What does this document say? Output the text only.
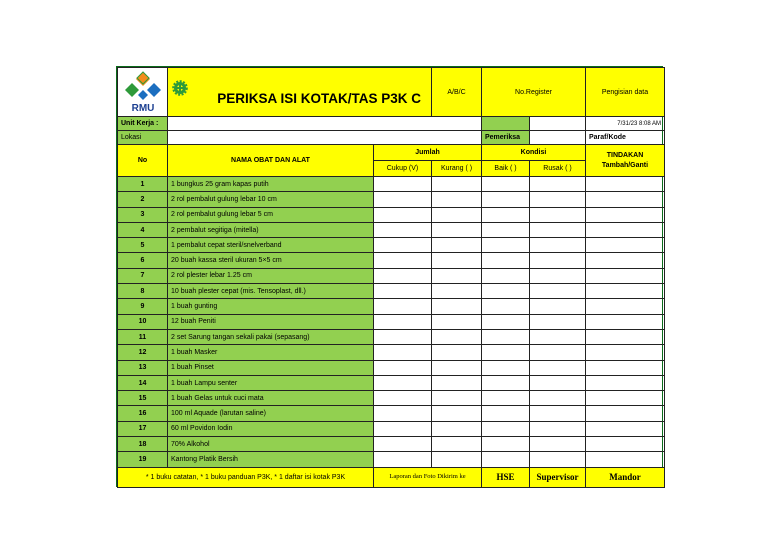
RMU	PERIKSA ISI KOTAK/TAS P3K C		A/B/C	No.Register		Pengisian data
Unit Kerja :						7/31/23 8:08 AM
Lokasi				Pemeriksa		Paraf/Kode
No	NAMA OBAT DAN ALAT	Jumlah		Kondisi		TINDAKAN
Tambah/Ganti
		Cukup (V)	Kurang ( )	Baik ( )	Rusak ( )	
1	1 bungkus 25 gram kapas putih					
2	2 rol pembalut gulung lebar 10 cm					
3	2 rol pembalut gulung lebar 5 cm					
4	2 pembalut segitiga (mitella)					
5	1 pembalut cepat steril/snelverband					
6	20 buah kassa steril ukuran 5×5 cm					
7	2 rol plester lebar 1.25 cm					
8	10 buah plester cepat (mis. Tensoplast, dll.)					
9	1 buah gunting					
10	12 buah Peniti					
11	2 set Sarung tangan sekali pakai (sepasang)					
12	1 buah Masker					
13	1 buah Pinset					
14	1 buah Lampu senter					
15	1 buah Gelas untuk cuci mata					
16	100 ml Aquade (larutan saline)					
17	60 ml Povidon Iodin					
18	70% Alkohol					
19	Kantong Platik Bersih					
* 1 buku catatan, * 1 buku panduan P3K, * 1 daftar isi kotak P3K		Laporan dan Foto Dikirim ke		HSE	Supervisor	Mandor
